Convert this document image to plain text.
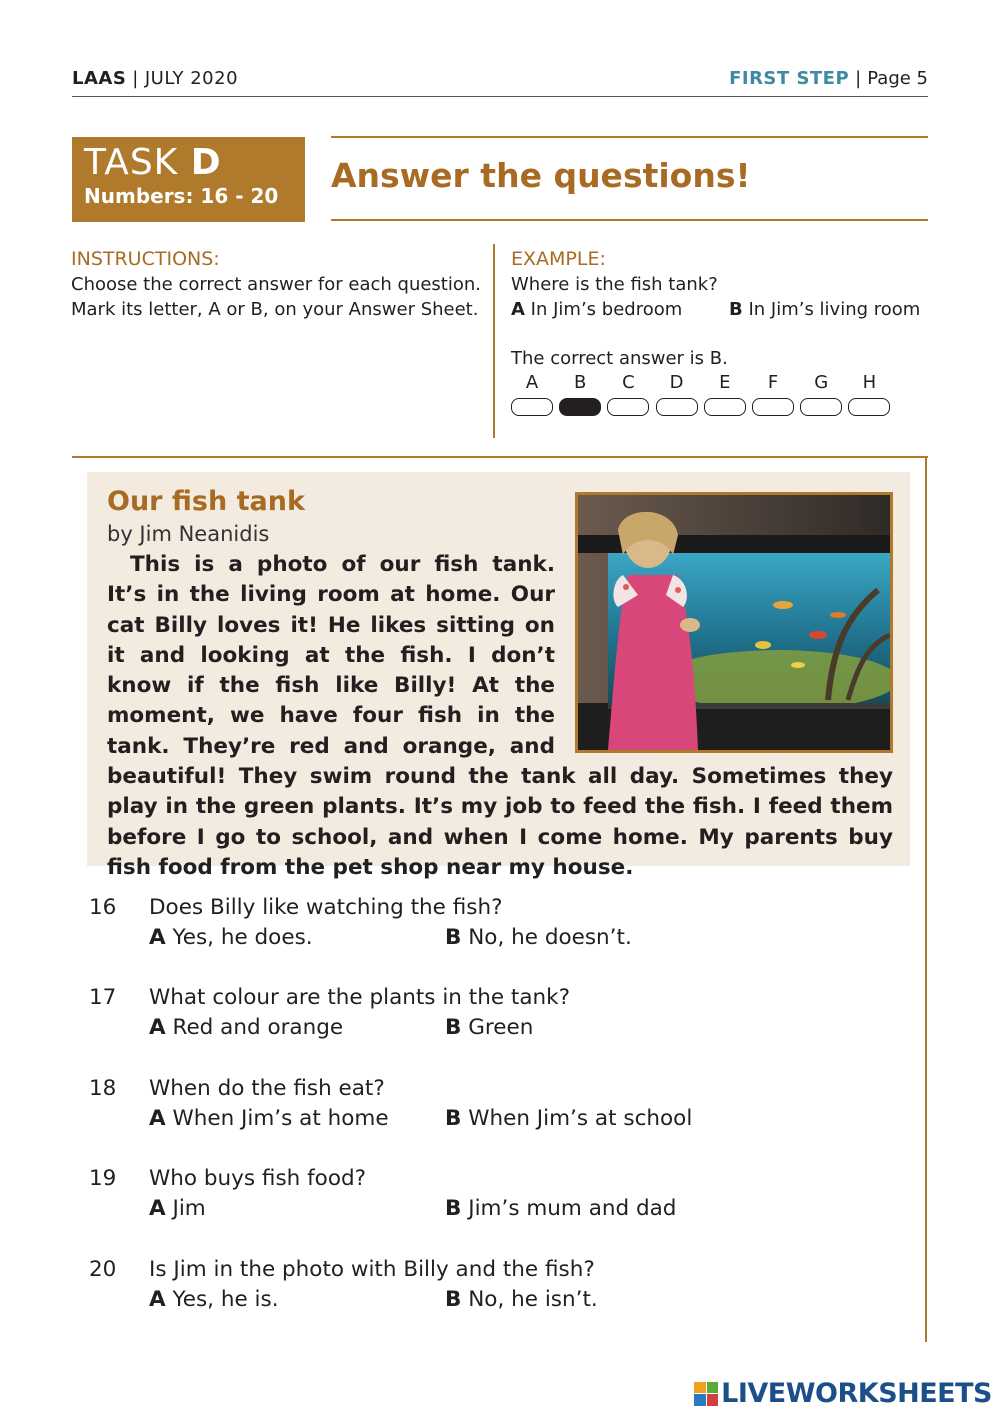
LAAS | JULY 2020	FIRST STEP | Page 5
TASK D
Numbers: 16 - 20
Answer the questions!
INSTRUCTIONS:
Choose the correct answer for each question.
Mark its letter, A or B, on your Answer Sheet.
EXAMPLE:
Where is the fish tank?
A In Jim’s bedroom	B In Jim’s living room
The correct answer is B.
A	B	C	D	E	F	G	H
Our fish tank
by Jim Neanidis
This is a photo of our fish tank. It’s in the living room at home. Our cat Billy loves it! He likes sitting on it and looking at the fish. I don’t know if the fish like Billy! At the moment, we have four fish in the tank. They’re red and orange, and beautiful! They swim round the tank all day. Sometimes they play in the green plants. It’s my job to feed the fish. I feed them before I go to school, and when I come home. My parents buy fish food from the pet shop near my house.
16 Does Billy like watching the fish?
A Yes, he does.	B No, he doesn’t.
17 What colour are the plants in the tank?
A Red and orange	B Green
18 When do the fish eat?
A When Jim’s at home	B When Jim’s at school
19 Who buys fish food?
A Jim	B Jim’s mum and dad
20 Is Jim in the photo with Billy and the fish?
A Yes, he is.	B No, he isn’t.
LIVEWORKSHEETS
